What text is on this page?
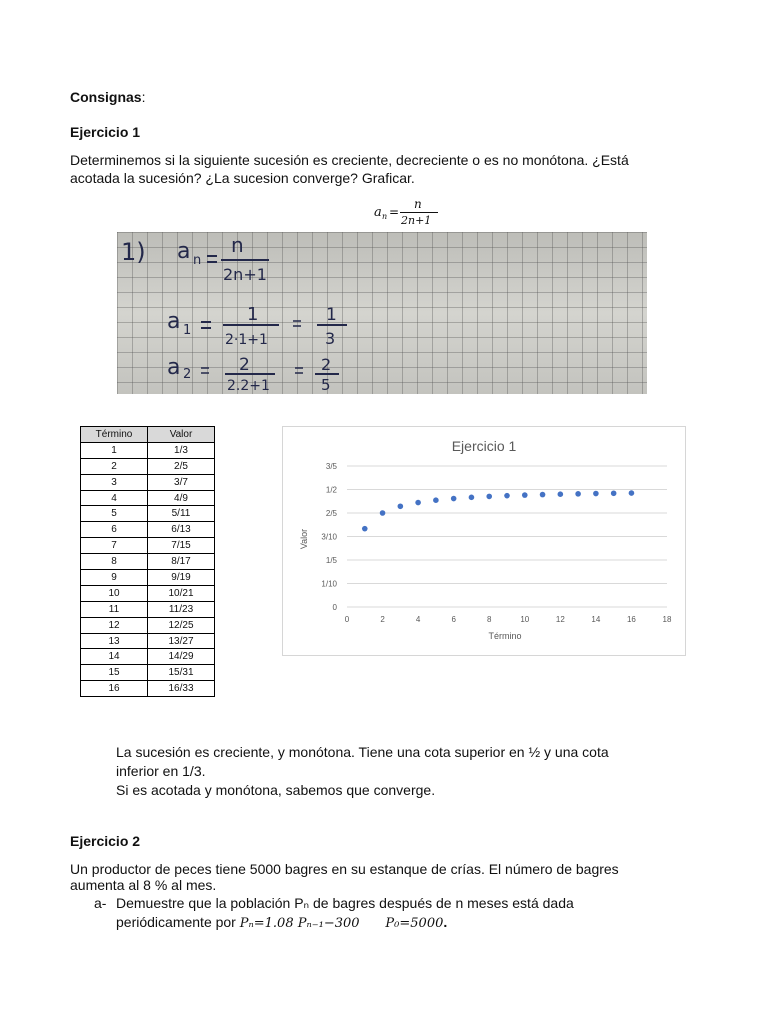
Consignas:
Ejercicio 1
Determinemos si la siguiente sucesión es creciente, decreciente o es no monótona. ¿Está
acotada la sucesión? ¿La sucesion converge? Graficar.
a n =
n
2n+1
1) a n
n
2n+1
a 1
1
2·1+1
1
3
a 2	2
2.2+1
2
5
Término	Valor
1	1/3
2	2/5
3	3/7
4	4/9
5	5/11
6	6/13
7	7/15
8	8/17
9	9/19
10	10/21
11	11/23
12	12/25
13	13/27
14	14/29
15	15/31
16	16/33
Ejercicio 1
0
1/10
1/5
3/10
2/5
1/2
3/5
0	2	4	6	8	10	12	14	16	18
Valor
Término
La sucesión es creciente, y monótona. Tiene una cota superior en ½ y una cota
inferior en 1/3.
Si es acotada y monótona, sabemos que converge.
Ejercicio 2
Un productor de peces tiene 5000 bagres en su estanque de crías. El número de bagres
aumenta al 8 % al mes.
a- Demuestre que la población Pₙ de bagres después de n meses está dada
periódicamente por Pₙ=1.08 Pₙ₋₁−300 P₀=5000.
